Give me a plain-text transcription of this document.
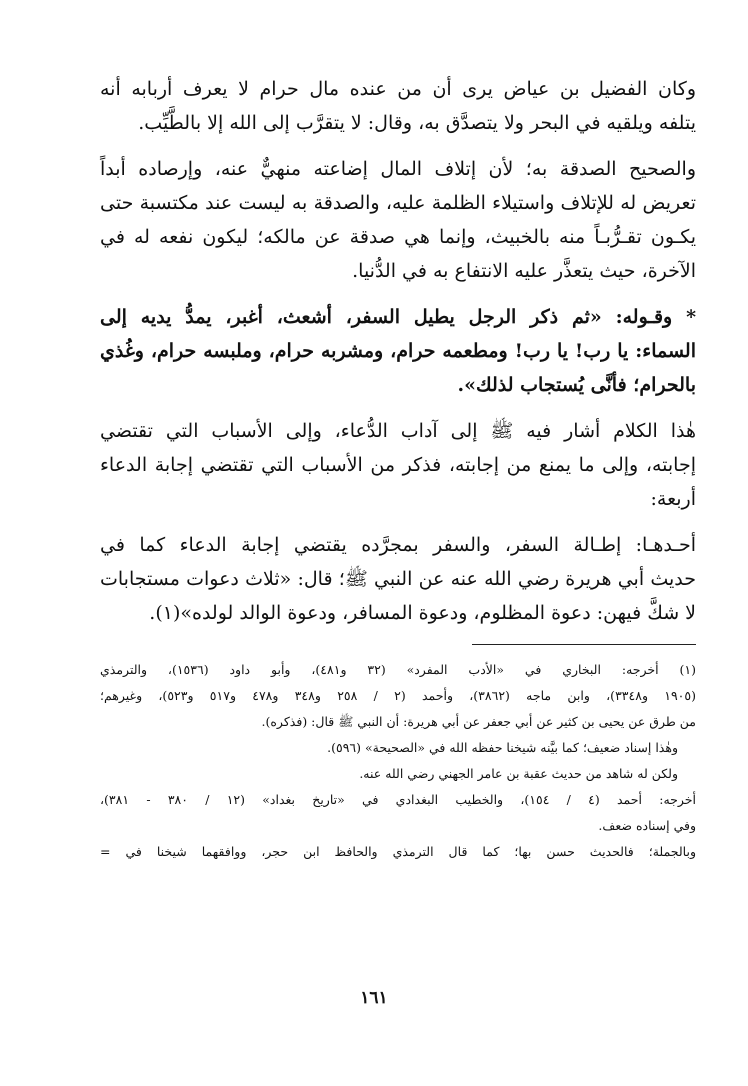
وكان الفضيل بن عياض يرى أن من عنده مال حرام لا يعرف أربابه أنه
يتلفه ويلقيه في البحر ولا يتصدَّق به، وقال: لا يتقرَّب إلى الله إلا بالطَّيِّب.
والصحيح الصدقة به؛ لأن إتلاف المال إضاعته منهيٌّ عنه، وإرصاده أبداً
تعريض له للإتلاف واستيلاء الظلمة عليه، والصدقة به ليست عند مكتسبة حتى
يكـون تقـرُّبـاً منه بالخبيث، وإنما هي صدقة عن مالكه؛ ليكون نفعه له في
الآخرة، حيث يتعذَّر عليه الانتفاع به في الدُّنيا.
* وقـوله: «ثم ذكر الرجل يطيل السفر، أشعث، أغبر، يمدُّ يديه إلى
السماء: يا رب! يا رب! ومطعمه حرام، ومشربه حرام، وملبسه حرام، وغُذي
بالحرام؛ فأنَّى يُستجاب لذلك».
هٰذا الكلام أشار فيه ﷺ إلى آداب الدُّعاء، وإلى الأسباب التي تقتضي
إجابته، وإلى ما يمنع من إجابته، فذكر من الأسباب التي تقتضي إجابة الدعاء
أربعة:
أحـدهـا: إطـالة السفر، والسفر بمجرَّده يقتضي إجابة الدعاء كما في
حديث أبي هريرة رضي الله عنه عن النبي ﷺ؛ قال: «ثلاث دعوات مستجابات
لا شكَّ فيهن: دعوة المظلوم، ودعوة المسافر، ودعوة الوالد لولده»(١).
(١) أخرجه: البخاري في «الأدب المفرد» (٣٢ و٤٨١)، وأبو داود (١٥٣٦)، والترمذي
(١٩٠٥ و٣٣٤٨)، وابن ماجه (٣٨٦٢)، وأحمد (٢ / ٢٥٨ و٣٤٨ و٤٧٨ و٥١٧ و٥٢٣)، وغيرهم؛
من طرق عن يحيى بن كثير عن أبي جعفر عن أبي هريرة: أن النبي ﷺ قال: (فذكره).
وهٰذا إسناد ضعيف؛ كما بيَّنه شيخنا حفظه الله في «الصحيحة» (٥٩٦).
ولكن له شاهد من حديث عقبة بن عامر الجهني رضي الله عنه.
أخرجه: أحمد (٤ / ١٥٤)، والخطيب البغدادي في «تاريخ بغداد» (١٢ / ٣٨٠ - ٣٨١)،
وفي إسناده ضعف.
وبالجملة؛ فالحديث حسن بها؛ كما قال الترمذي والحافظ ابن حجر، ووافقهما شيخنا في =
١٦١
